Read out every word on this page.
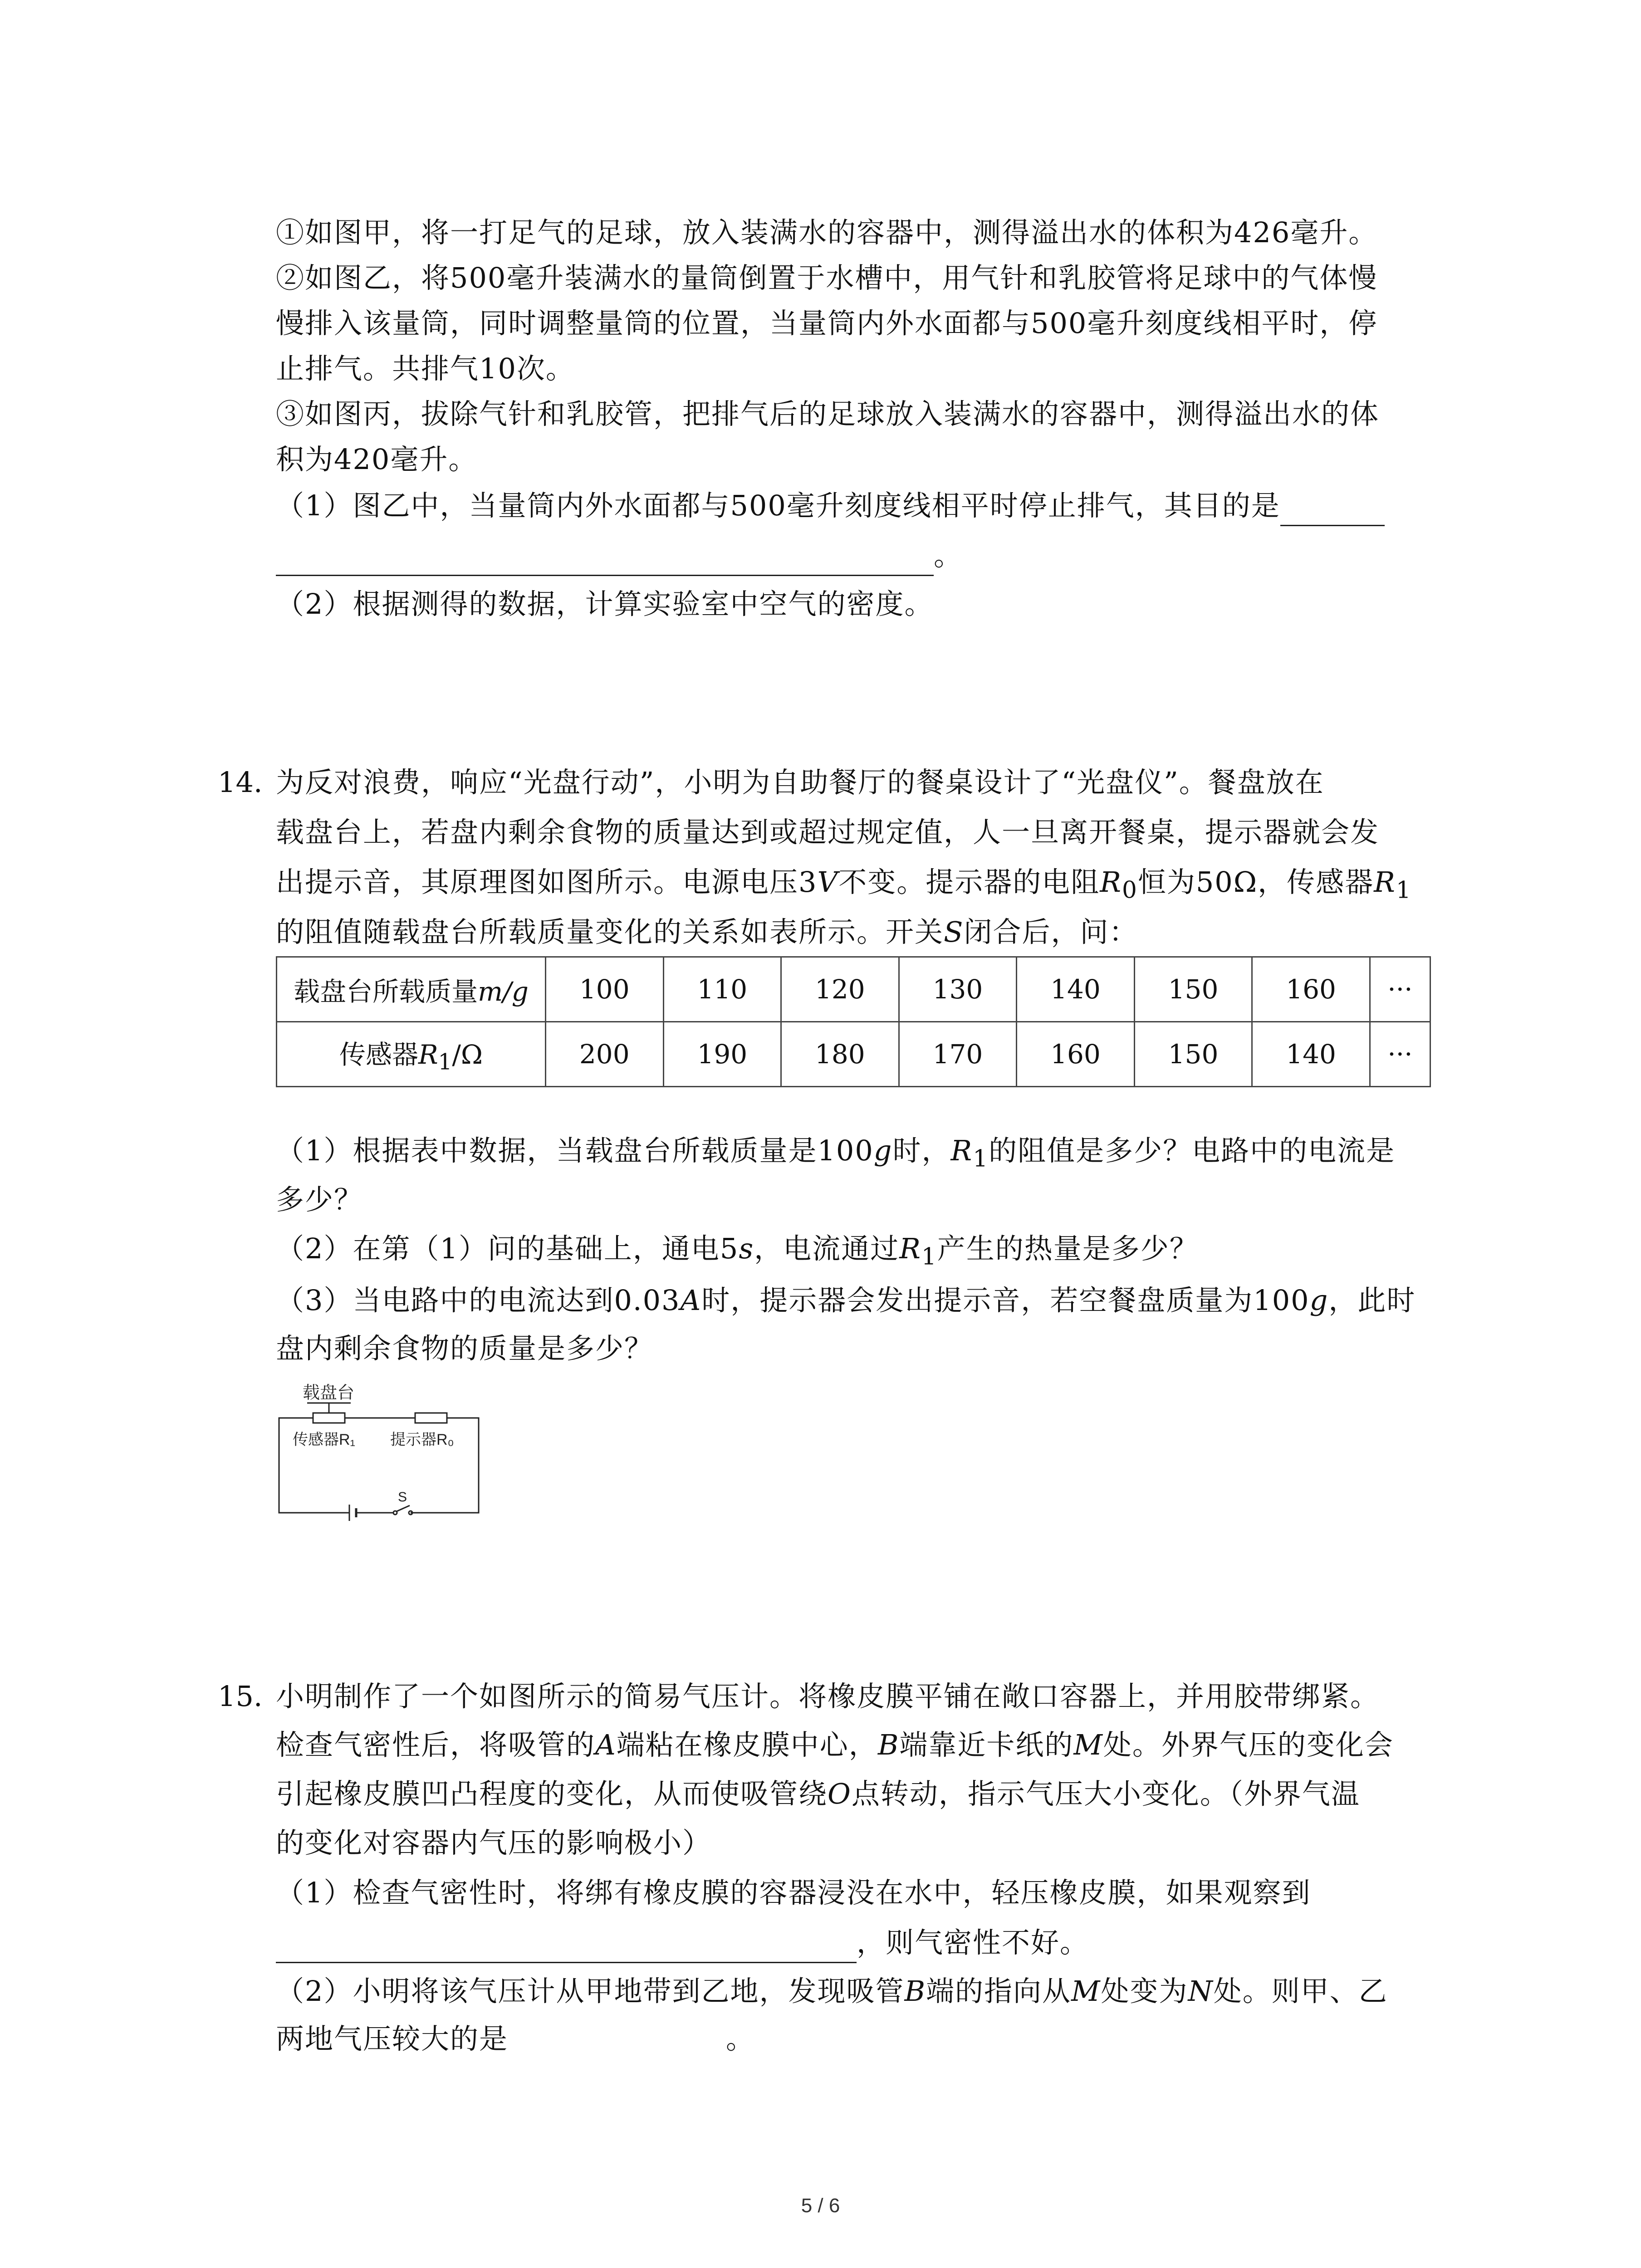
①如图甲，将一打足气的足球，放入装满水的容器中，测得溢出水的体积为426毫升。
②如图乙，将500毫升装满水的量筒倒置于水槽中，用气针和乳胶管将足球中的气体慢
慢排入该量筒，同时调整量筒的位置，当量筒内外水面都与500毫升刻度线相平时，停
止排气。共排气10次。
③如图丙，拔除气针和乳胶管，把排气后的足球放入装满水的容器中，测得溢出水的体
积为420毫升。
（1）图乙中，当量筒内外水面都与500毫升刻度线相平时停止排气，其目的是
。
（2）根据测得的数据，计算实验室中空气的密度。
14. 为反对浪费，响应“光盘行动”，小明为自助餐厅的餐桌设计了“光盘仪”。餐盘放在
载盘台上，若盘内剩余食物的质量达到或超过规定值，人一旦离开餐桌，提示器就会发
出提示音，其原理图如图所示。电源电压3V不变。提示器的电阻$R_0$恒为50Ω，传感器$R_1$
的阻值随载盘台所载质量变化的关系如表所示。开关S闭合后，问：
载盘台所载质量m/g	100	110	120	130	140	150	160	···
传感器$R_1/\Omega$	200	190	180	170	160	150	140	···
（1）根据表中数据，当载盘台所载质量是100g时，$R_1$的阻值是多少？电路中的电流是
多少？
（2）在第（1）问的基础上，通电5s，电流通过$R_1$产生的热量是多少？
（3）当电路中的电流达到0.03A时，提示器会发出提示音，若空餐盘质量为100g，此时
盘内剩余食物的质量是多少？
载盘台
S
传感器R₁ 提示器R₀
15. 小明制作了一个如图所示的简易气压计。将橡皮膜平铺在敞口容器上，并用胶带绑紧。
检查气密性后，将吸管的A端粘在橡皮膜中心，B端靠近卡纸的M处。外界气压的变化会
引起橡皮膜凹凸程度的变化，从而使吸管绕O点转动，指示气压大小变化。（外界气温
的变化对容器内气压的影响极小）
（1）检查气密性时，将绑有橡皮膜的容器浸没在水中，轻压橡皮膜，如果观察到
，则气密性不好。
（2）小明将该气压计从甲地带到乙地，发现吸管B端的指向从M处变为N处。则甲、乙
两地气压较大的是	。
5 / 6
